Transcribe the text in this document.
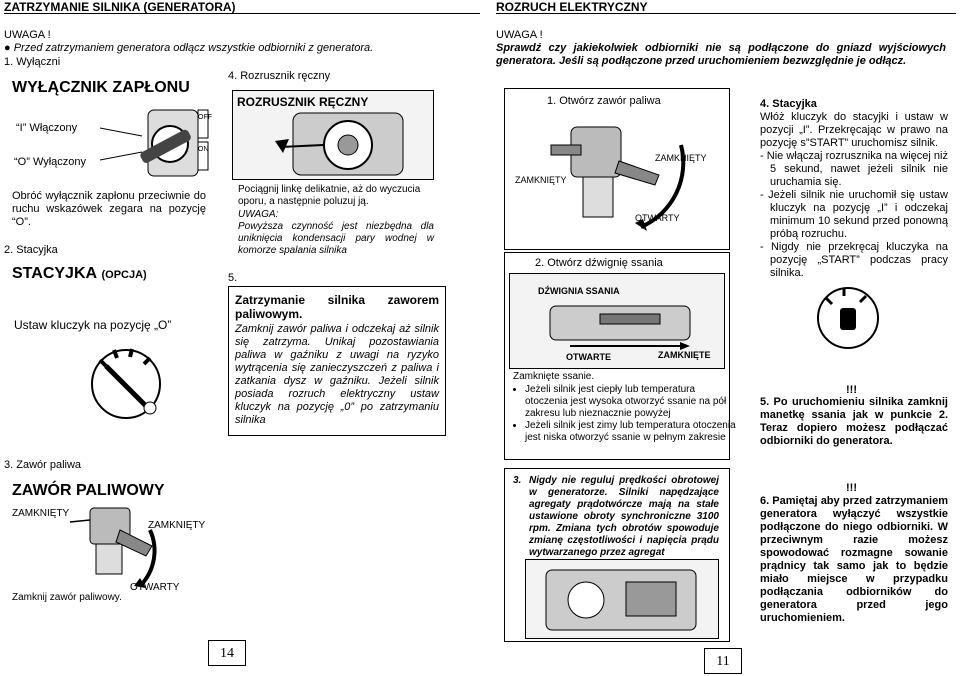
ZATRZYMANIE SILNIKA (GENERATORA)
UWAGA !
● Przed zatrzymaniem generatora odłącz wszystkie odbiorniki z generatora.
1. Wyłączni
WYŁĄCZNIK ZAPŁONU
“I” Włączony
“O” Wyłączony
OFF
ON
Obróć wyłącznik zapłonu przeciwnie do ruchu wskazówek zegara na pozycję “O”.
2. Stacyjka
STACYJKA (OPCJA)
Ustaw kluczyk na pozycję „O”
3. Zawór paliwa
ZAWÓR PALIWOWY
ZAMKNIĘTY
ZAMKNIĘTY
OTWARTY
Zamknij zawór paliwowy.
4. Rozrusznik ręczny
ROZRUSZNIK RĘCZNY
Pociągnij linkę delikatnie, aż do wyczucia oporu, a następnie poluzuj ją.
UWAGA:
Powyższa czynność jest niezbędna dla uniknięcia kondensacji pary wodnej w komorze spalania silnika
5.
Zatrzymanie silnika zaworem paliwowym.
Zamknij zawór paliwa i odczekaj aż silnik się zatrzyma. Unikaj pozostawiania paliwa w gaźniku z uwagi na ryzyko wytrącenia się zanieczyszczeń z paliwa i zatkania dysz w gaźniku. Jeżeli silnik posiada rozruch elektryczny ustaw kluczyk na pozycję „0” po zatrzymaniu silnika
14
ROZRUCH ELEKTRYCZNY
UWAGA !
Sprawdź czy jakiekolwiek odbiorniki nie są podłączone do gniazd wyjściowych generatora. Jeśli są podłączone przed uruchomieniem bezwzględnie je odłącz.
1. Otwórz zawór paliwa
ZAMKNIĘTY
ZAMKNIĘTY
OTWARTY
2. Otwórz dźwignię ssania
DŹWIGNIA SSANIA
OTWARTE	ZAMKNIĘTE
Zamknięte ssanie.
• Jeżeli silnik jest ciepły lub temperatura otoczenia jest wysoka otworzyć ssanie na pół zakresu lub nieznacznie powyżej
• Jeżeli silnik jest zimy lub temperatura otoczenia jest niska otworzyć ssanie w pełnym zakresie
3. Nigdy nie reguluj prędkości obrotowej w generatorze. Silniki napędzające agregaty prądotwórcze mają na stałe ustawione obroty synchroniczne 3100 rpm. Zmiana tych obrotów spowoduje zmianę częstotliwości i napięcia prądu wytwarzanego przez agregat
4. Stacyjka
Włóż kluczyk do stacyjki i ustaw w pozycji „I”. Przekręcając w prawo na pozycję s”START” uruchomisz silnik.
- Nie włączaj rozrusznika na więcej niż 5 sekund, nawet jeżeli silnik nie uruchamia się.
- Jeżeli silnik nie uruchomił się ustaw kluczyk na pozycję „I” i odczekaj minimum 10 sekund przed ponowną próbą rozruchu.
- Nigdy nie przekręcaj kluczyka na pozycję „START” podczas pracy silnika.
!!!
5. Po uruchomieniu silnika zamknij manetkę ssania jak w punkcie 2. Teraz dopiero możesz podłączać odbiorniki do generatora.
!!!
6. Pamiętaj aby przed zatrzymaniem generatora wyłączyć wszystkie podłączone do niego odbiorniki. W przeciwnym razie możesz spowodować rozmagne sowanie prądnicy tak samo jak to będzie miało miejsce w przypadku podłączania odbiorników do generatora przed jego uruchomieniem.
11
